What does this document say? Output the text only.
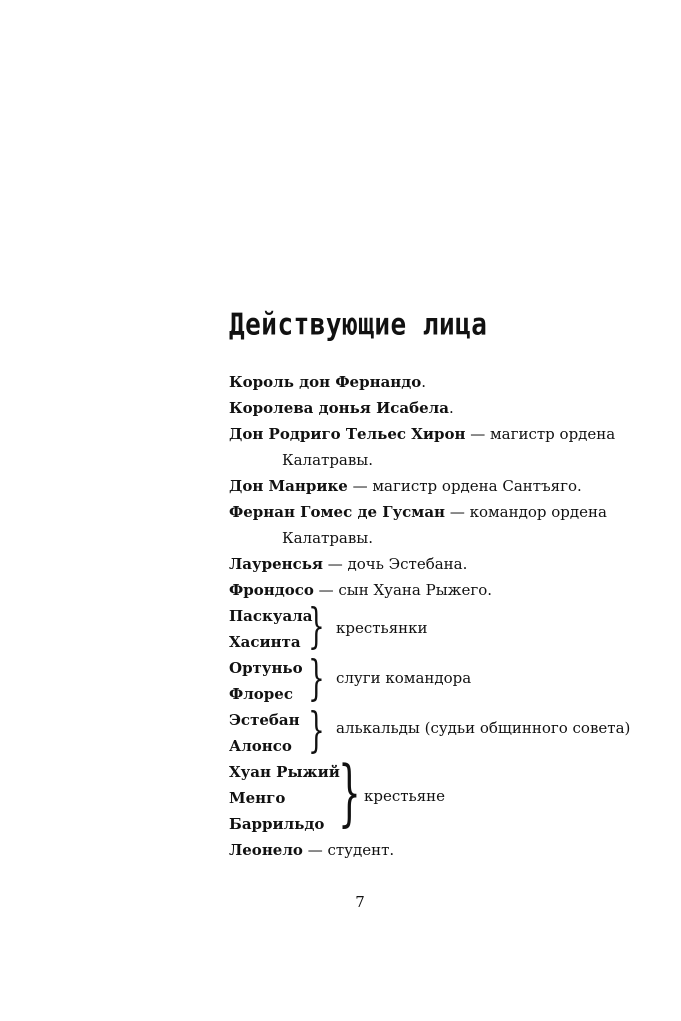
Действующие лица
Король дон Фернандо.
Королева донья Исабела.
Дон Родриго Тельес Хирон — магистр ордена
Калатравы.
Дон Манрике — магистр ордена Сантъяго.
Фернан Гомес де Гусман — командор ордена
Калатравы.
Лауренсья — дочь Эстебана.
Фрондосо — сын Хуана Рыжего.
Паскуала
Хасинта } крестьянки
Ортуньо
Флорес } слуги командора
Эстебан
Алонсо } алькальды (судьи общинного совета)
Хуан Рыжий
Менго
Баррильдо } крестьяне
Леонело — студент.
7
